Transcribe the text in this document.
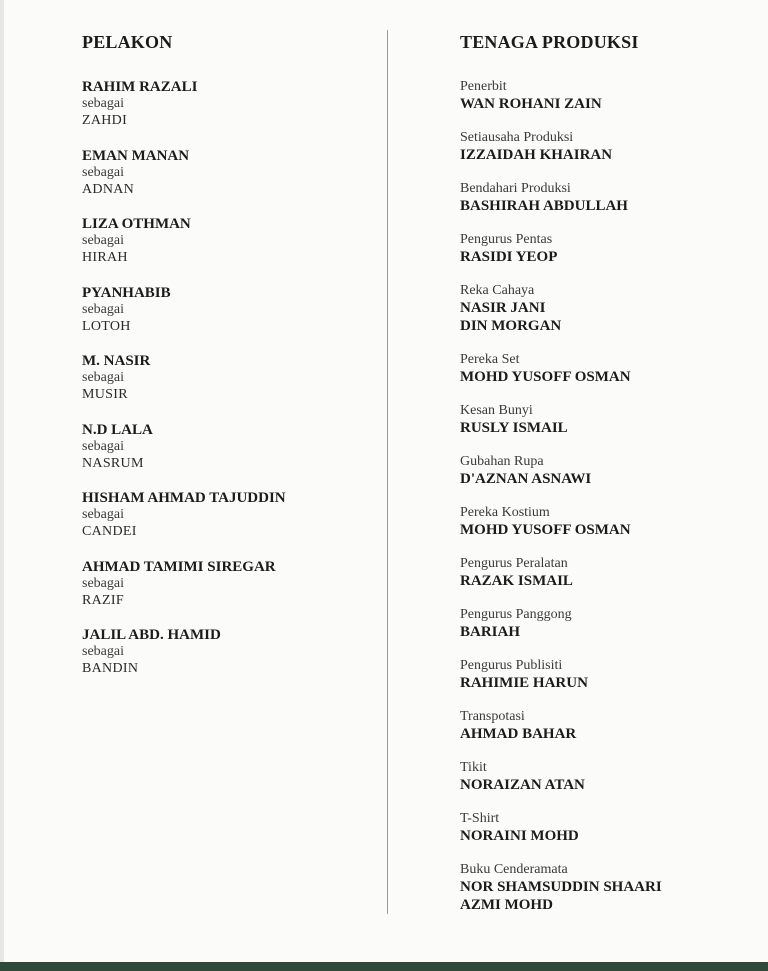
PELAKON
RAHIM RAZALI
sebagai
ZAHDI
EMAN MANAN
sebagai
ADNAN
LIZA OTHMAN
sebagai
HIRAH
PYANHABIB
sebagai
LOTOH
M. NASIR
sebagai
MUSIR
N.D LALA
sebagai
NASRUM
HISHAM AHMAD TAJUDDIN
sebagai
CANDEI
AHMAD TAMIMI SIREGAR
sebagai
RAZIF
JALIL ABD. HAMID
sebagai
BANDIN
TENAGA PRODUKSI
Penerbit
WAN ROHANI ZAIN
Setiausaha Produksi
IZZAIDAH KHAIRAN
Bendahari Produksi
BASHIRAH ABDULLAH
Pengurus Pentas
RASIDI YEOP
Reka Cahaya
NASIR JANI
DIN MORGAN
Pereka Set
MOHD YUSOFF OSMAN
Kesan Bunyi
RUSLY ISMAIL
Gubahan Rupa
D'AZNAN ASNAWI
Pereka Kostium
MOHD YUSOFF OSMAN
Pengurus Peralatan
RAZAK ISMAIL
Pengurus Panggong
BARIAH
Pengurus Publisiti
RAHIMIE HARUN
Transpotasi
AHMAD BAHAR
Tikit
NORAIZAN ATAN
T-Shirt
NORAINI MOHD
Buku Cenderamata
NOR SHAMSUDDIN SHAARI
AZMI MOHD
